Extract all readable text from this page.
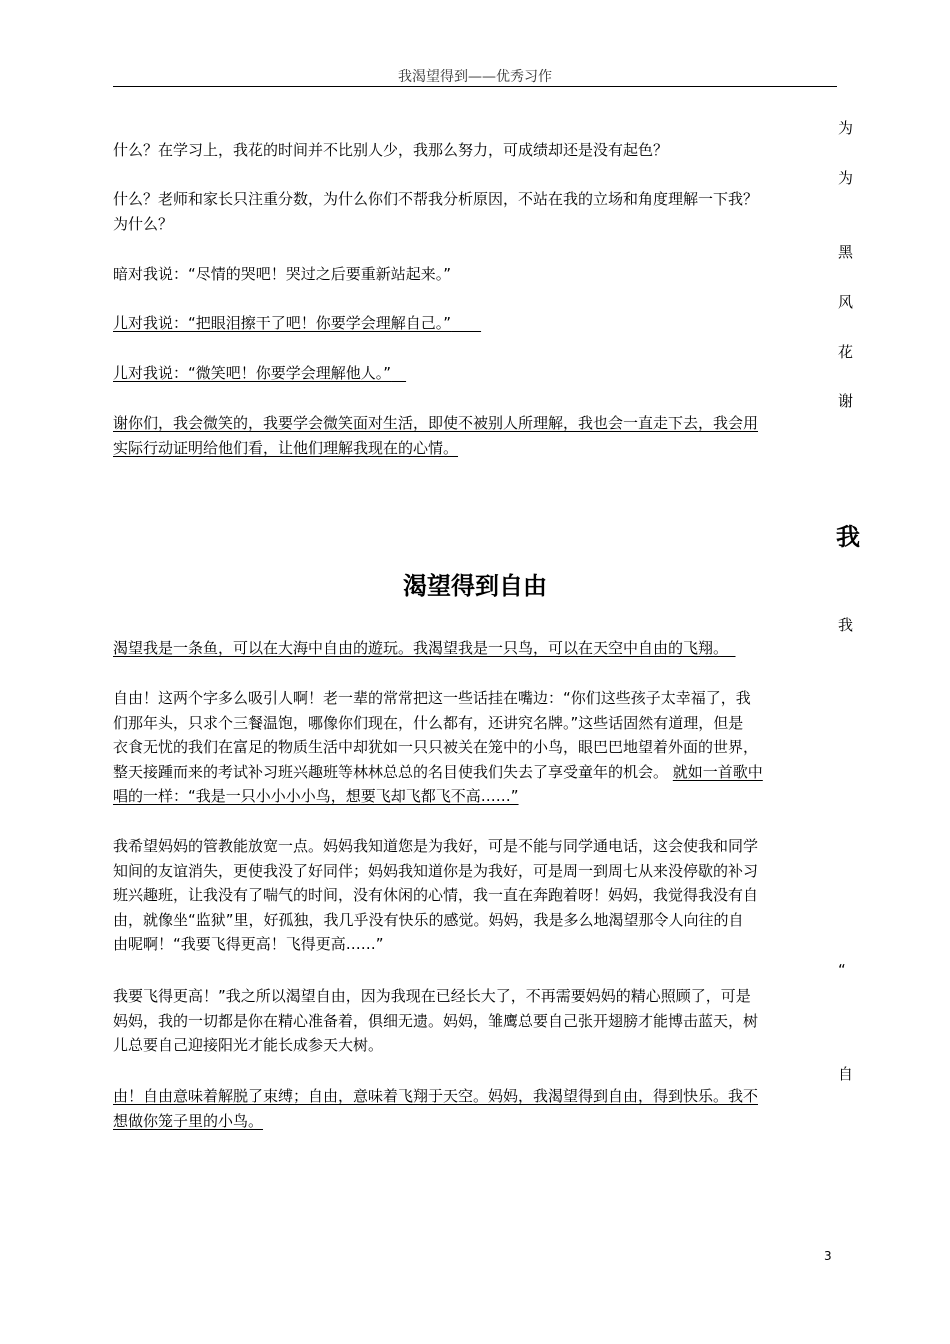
我渴望得到——优秀习作
为
为
黑
风
花
谢
我
我
“
自
什么？在学习上，我花的时间并不比别人少，我那么努力，可成绩却还是没有起色？
什么？老师和家长只注重分数，为什么你们不帮我分析原因，不站在我的立场和角度理解一下我？
为什么？
暗对我说：“尽情的哭吧！哭过之后要重新站起来。”
儿对我说：“把眼泪擦干了吧！你要学会理解自己。”　　
儿对我说：“微笑吧！你要学会理解他人。”　
谢你们，我会微笑的，我要学会微笑面对生活，即使不被别人所理解，我也会一直走下去，我会用
实际行动证明给他们看，让他们理解我现在的心情。
渴望得到自由
渴望我是一条鱼，可以在大海中自由的遊玩。我渴望我是一只鸟，可以在天空中自由的飞翔。　
自由！这两个字多么吸引人啊！老一辈的常常把这一些话挂在嘴边：“你们这些孩子太幸福了，我
们那年头，只求个三餐温饱，哪像你们现在，什么都有，还讲究名牌。”这些话固然有道理，但是
衣食无忧的我们在富足的物质生活中却犹如一只只被关在笼中的小鸟，眼巴巴地望着外面的世界，
整天接踵而来的考试补习班兴趣班等林林总总的名目使我们失去了享受童年的机会。 就如一首歌中
唱的一样：“我是一只小小小小鸟，想要飞却飞都飞不高……”
我希望妈妈的管教能放宽一点。妈妈我知道您是为我好，可是不能与同学通电话，这会使我和同学
知间的友谊消失，更使我没了好同伴；妈妈我知道你是为我好，可是周一到周七从来没停歇的补习
班兴趣班，让我没有了喘气的时间，没有休闲的心情，我一直在奔跑着呀！妈妈，我觉得我没有自
由，就像坐“监狱”里，好孤独，我几乎没有快乐的感觉。妈妈，我是多么地渴望那令人向往的自
由呢啊！“我要飞得更高！飞得更高……”
我要飞得更高！”我之所以渴望自由，因为我现在已经长大了，不再需要妈妈的精心照顾了，可是
妈妈，我的一切都是你在精心准备着，俱细无遗。妈妈，雏鹰总要自己张开翅膀才能博击蓝天，树
儿总要自己迎接阳光才能长成参天大树。
由！自由意味着解脱了束缚；自由，意味着飞翔于天空。妈妈，我渴望得到自由，得到快乐。我不
想做你笼子里的小鸟。
3
